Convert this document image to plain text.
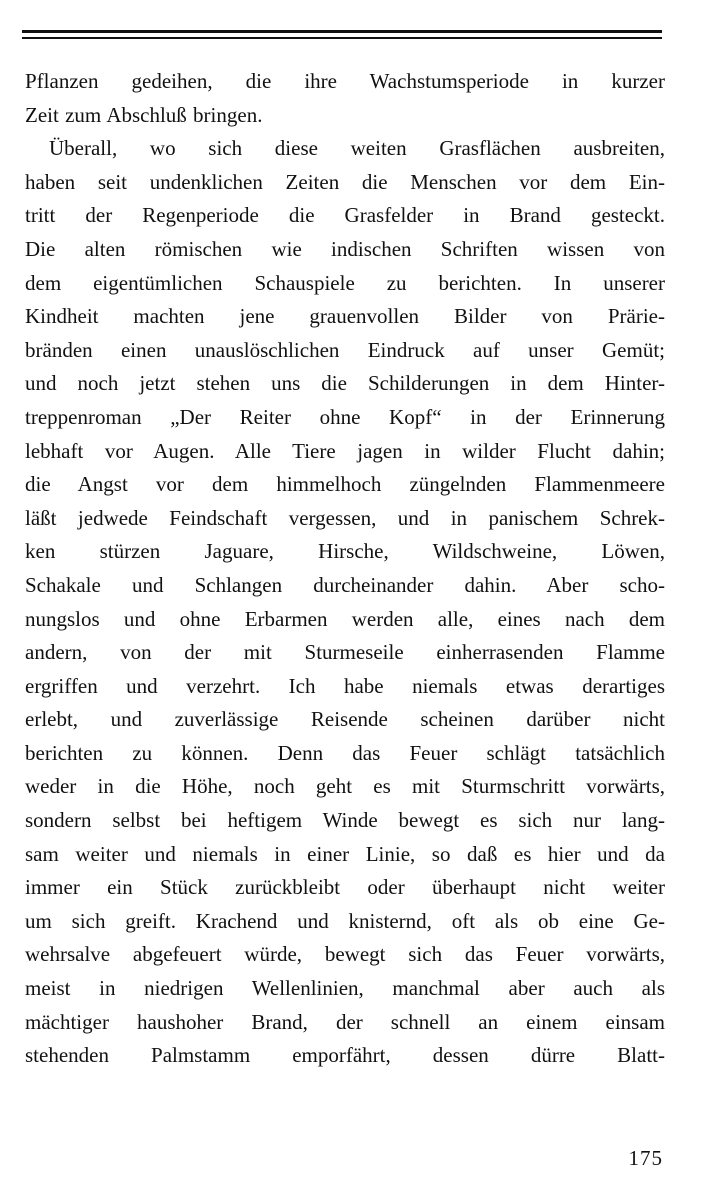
Pflanzen gedeihen, die ihre Wachstumsperiode in kurzer
Zeit zum Abschluß bringen.
Überall, wo sich diese weiten Grasflächen ausbreiten,
haben seit undenklichen Zeiten die Menschen vor dem Ein-
tritt der Regenperiode die Grasfelder in Brand gesteckt.
Die alten römischen wie indischen Schriften wissen von
dem eigentümlichen Schauspiele zu berichten. In unserer
Kindheit machten jene grauenvollen Bilder von Prärie-
bränden einen unauslöschlichen Eindruck auf unser Gemüt;
und noch jetzt stehen uns die Schilderungen in dem Hinter-
treppenroman „Der Reiter ohne Kopf“ in der Erinnerung
lebhaft vor Augen. Alle Tiere jagen in wilder Flucht dahin;
die Angst vor dem himmelhoch züngelnden Flammenmeere
läßt jedwede Feindschaft vergessen, und in panischem Schrek-
ken stürzen Jaguare, Hirsche, Wildschweine, Löwen,
Schakale und Schlangen durcheinander dahin. Aber scho-
nungslos und ohne Erbarmen werden alle, eines nach dem
andern, von der mit Sturmeseile einherrasenden Flamme
ergriffen und verzehrt. Ich habe niemals etwas derartiges
erlebt, und zuverlässige Reisende scheinen darüber nicht
berichten zu können. Denn das Feuer schlägt tatsächlich
weder in die Höhe, noch geht es mit Sturmschritt vorwärts,
sondern selbst bei heftigem Winde bewegt es sich nur lang-
sam weiter und niemals in einer Linie, so daß es hier und da
immer ein Stück zurückbleibt oder überhaupt nicht weiter
um sich greift. Krachend und knisternd, oft als ob eine Ge-
wehrsalve abgefeuert würde, bewegt sich das Feuer vorwärts,
meist in niedrigen Wellenlinien, manchmal aber auch als
mächtiger haushoher Brand, der schnell an einem einsam
stehenden Palmstamm emporfährt, dessen dürre Blatt-
175
